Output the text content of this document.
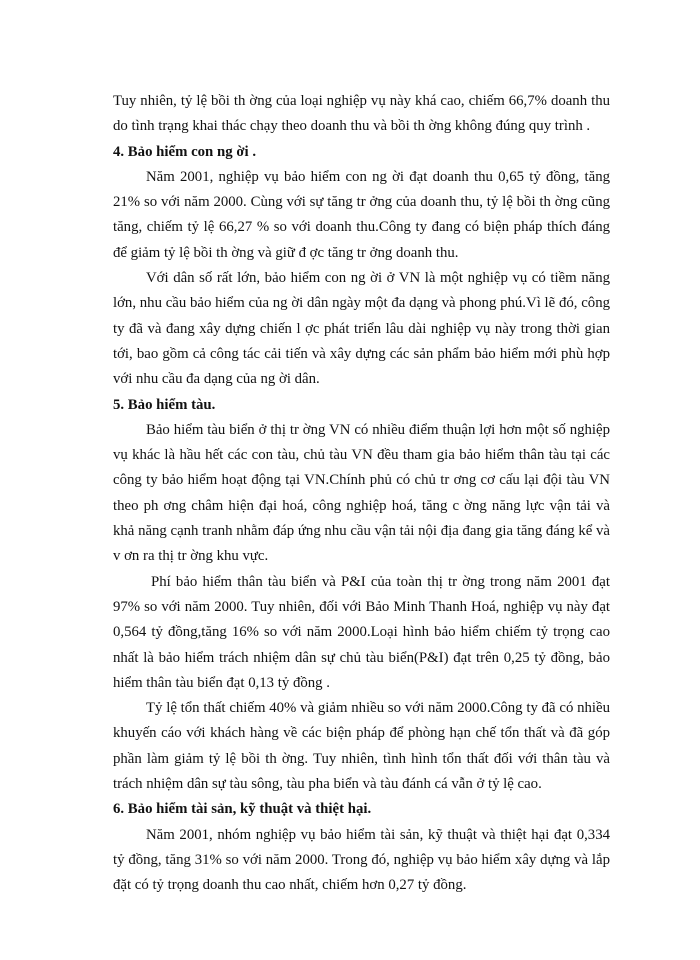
Tuy nhiên, tỷ lệ bồi th ờng của loại nghiệp vụ này khá cao, chiếm 66,7% doanh thu do tình trạng khai thác chạy theo doanh thu và bồi th ờng không đúng quy trình .

4. Bảo hiểm con ng ời .

Năm 2001, nghiệp vụ bảo hiểm con ng ời đạt doanh thu 0,65 tỷ đồng, tăng 21% so với năm 2000. Cùng với sự tăng tr ởng của doanh thu, tỷ lệ bồi th ờng cũng tăng, chiếm tỷ lệ 66,27 % so với doanh thu.Công ty đang có biện pháp thích đáng để giảm tỷ lệ bồi th ờng và giữ đ ợc tăng tr ởng doanh thu.

Với dân số rất lớn, bảo hiểm con ng ời ở VN là một nghiệp vụ có tiềm năng lớn, nhu cầu bảo hiểm của ng ời dân ngày một đa dạng và phong phú.Vì lẽ đó, công ty đã và đang xây dựng chiến l ợc phát triển lâu dài nghiệp vụ này trong thời gian tới, bao gồm cả công tác cải tiến và xây dựng các sản phẩm bảo hiểm mới phù hợp với nhu cầu đa dạng của ng ời dân.

5. Bảo hiểm tàu.

Bảo hiểm tàu biển ở thị tr ờng VN có nhiều điểm thuận lợi hơn một số nghiệp vụ khác là hầu hết các con tàu, chủ tàu VN đều tham gia bảo hiểm thân tàu tại các công ty bảo hiểm hoạt động tại VN.Chính phủ có chủ tr ơng cơ cấu lại đội tàu VN theo ph ơng châm hiện đại hoá, công nghiệp hoá, tăng c ờng năng lực vận tải và khả năng cạnh tranh nhằm đáp ứng nhu cầu vận tải nội địa đang gia tăng đáng kể và v ơn ra thị tr ờng khu vực.

Phí bảo hiểm thân tàu biển và P&I của toàn thị tr ờng trong năm 2001 đạt 97% so với năm 2000. Tuy nhiên, đối với Bảo Minh Thanh Hoá, nghiệp vụ này đạt 0,564 tỷ đồng,tăng 16% so với năm 2000.Loại hình bảo hiểm chiếm tỷ trọng cao nhất là bảo hiểm trách nhiệm dân sự chủ tàu biển(P&I) đạt trên 0,25 tỷ đồng, bảo hiểm thân tàu biển đạt 0,13 tỷ đồng .

Tỷ lệ tổn thất chiếm 40% và giảm nhiều so với năm 2000.Công ty đã có nhiều khuyến cáo với khách hàng về các biện pháp để phòng hạn chế tổn thất và đã góp phần làm giảm tỷ lệ bồi th ờng. Tuy nhiên, tình hình tổn thất đối với thân tàu và trách nhiệm dân sự tàu sông, tàu pha biển và tàu đánh cá vẫn ở tỷ lệ cao.

6. Bảo hiểm tài sản, kỹ thuật và thiệt hại.

Năm 2001, nhóm nghiệp vụ bảo hiểm tài sản, kỹ thuật và thiệt hại đạt 0,334 tỷ đồng, tăng 31% so với năm 2000. Trong đó, nghiệp vụ bảo hiểm xây dựng và lắp đặt có tỷ trọng doanh thu cao nhất, chiếm hơn 0,27 tỷ đồng.
